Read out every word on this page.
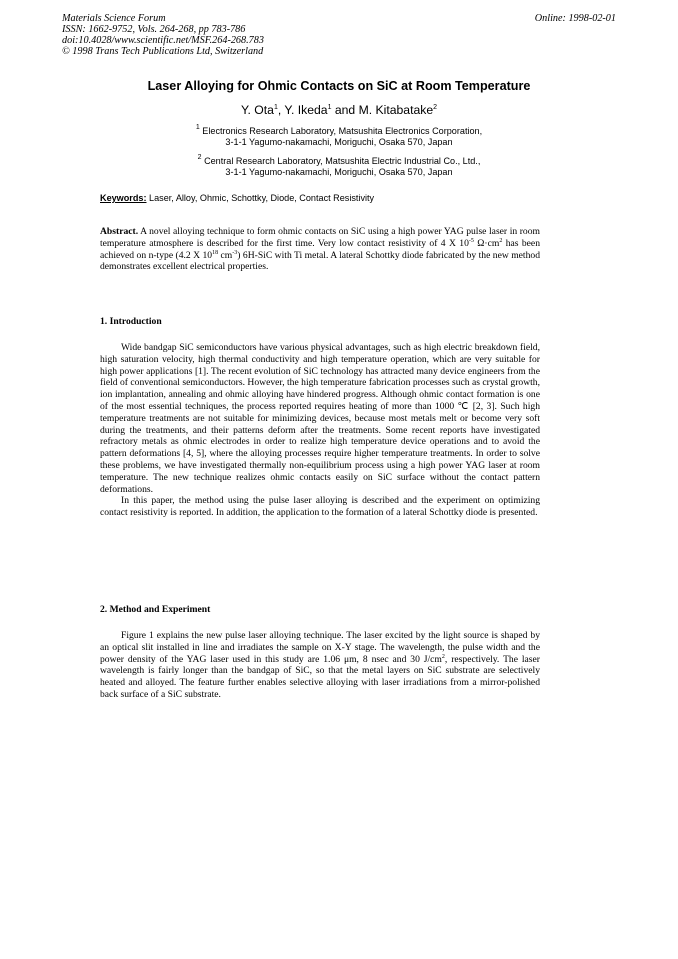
Materials Science Forum
ISSN: 1662-9752, Vols. 264-268, pp 783-786
doi:10.4028/www.scientific.net/MSF.264-268.783
© 1998 Trans Tech Publications Ltd, Switzerland
Online: 1998-02-01
Laser Alloying for Ohmic Contacts on SiC at Room Temperature
Y. Ota$^1$, Y. Ikeda$^1$ and M. Kitabatake$^2$
$^1$ Electronics Research Laboratory, Matsushita Electronics Corporation,
3-1-1 Yagumo-nakamachi, Moriguchi, Osaka 570, Japan
$^2$ Central Research Laboratory, Matsushita Electric Industrial Co., Ltd.,
3-1-1 Yagumo-nakamachi, Moriguchi, Osaka 570, Japan
Keywords: Laser, Alloy, Ohmic, Schottky, Diode, Contact Resistivity
Abstract. A novel alloying technique to form ohmic contacts on SiC using a high power YAG pulse laser in room temperature atmosphere is described for the first time. Very low contact resistivity of 4 X $10^{-5}$ $\Omega\cdot cm^2$ has been achieved on n-type (4.2 X $10^{18}$ $cm^{-3}$) 6H-SiC with Ti metal. A lateral Schottky diode fabricated by the new method demonstrates excellent electrical properties.
1. Introduction

Wide bandgap SiC semiconductors have various physical advantages, such as high electric breakdown field, high saturation velocity, high thermal conductivity and high temperature operation, which are very suitable for high power applications [1]. The recent evolution of SiC technology has attracted many device engineers from the field of conventional semiconductors. However, the high temperature fabrication processes such as crystal growth, ion implantation, annealing and ohmic alloying have hindered progress. Although ohmic contact formation is one of the most essential techniques, the process reported requires heating of more than 1000 ℃ [2, 3]. Such high temperature treatments are not suitable for minimizing devices, because most metals melt or become very soft during the treatments, and their patterns deform after the treatments. Some recent reports have investigated refractory metals as ohmic electrodes in order to realize high temperature device operations and to avoid the pattern deformations [4, 5], where the alloying processes require higher temperature treatments. In order to solve these problems, we have investigated thermally non-equilibrium process using a high power YAG laser at room temperature. The new technique realizes ohmic contacts easily on SiC surface without the contact pattern deformations.

In this paper, the method using the pulse laser alloying is described and the experiment on optimizing contact resistivity is reported. In addition, the application to the formation of a lateral Schottky diode is presented.

2. Method and Experiment

Figure 1 explains the new pulse laser alloying technique. The laser excited by the light source is shaped by an optical slit installed in line and irradiates the sample on X-Y stage. The wavelength, the pulse width and the power density of the YAG laser used in this study are 1.06 μm, 8 nsec and 30 $J/cm^2$, respectively. The laser wavelength is fairly longer than the bandgap of SiC, so that the metal layers on SiC substrate are selectively heated and alloyed. The feature further enables selective alloying with laser irradiations from a mirror-polished back surface of a SiC substrate.
